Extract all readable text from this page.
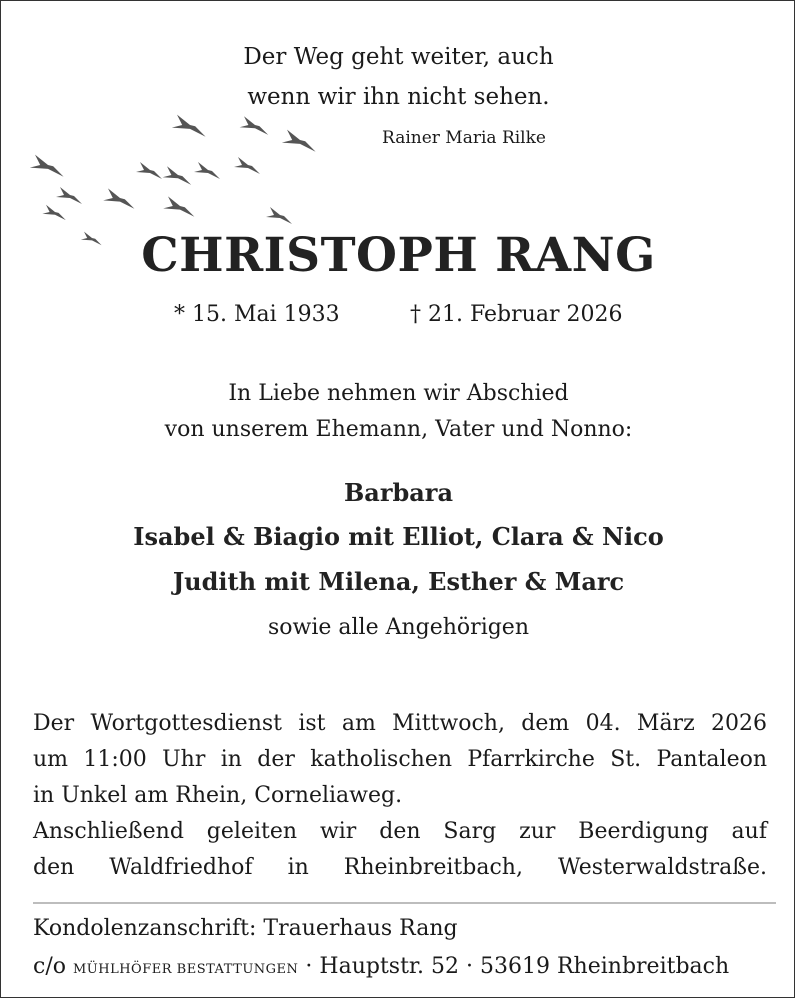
Der Weg geht weiter, auch
wenn wir ihn nicht sehen.
Rainer Maria Rilke
CHRISTOPH RANG
* 15. Mai 1933	† 21. Februar 2026
In Liebe nehmen wir Abschied
von unserem Ehemann, Vater und Nonno:
Barbara
Isabel & Biagio mit Elliot, Clara & Nico
Judith mit Milena, Esther & Marc
sowie alle Angehörigen
Der Wortgottesdienst ist am Mittwoch, dem 04. März 2026
um 11:00 Uhr in der katholischen Pfarrkirche St. Pantaleon
in Unkel am Rhein, Corneliaweg.
Anschließend geleiten wir den Sarg zur Beerdigung auf
den Waldfriedhof in Rheinbreitbach, Westerwaldstraße.
Kondolenzanschrift: Trauerhaus Rang
c/o MÜHLHÖFER BESTATTUNGEN · Hauptstr. 52 · 53619 Rheinbreitbach
